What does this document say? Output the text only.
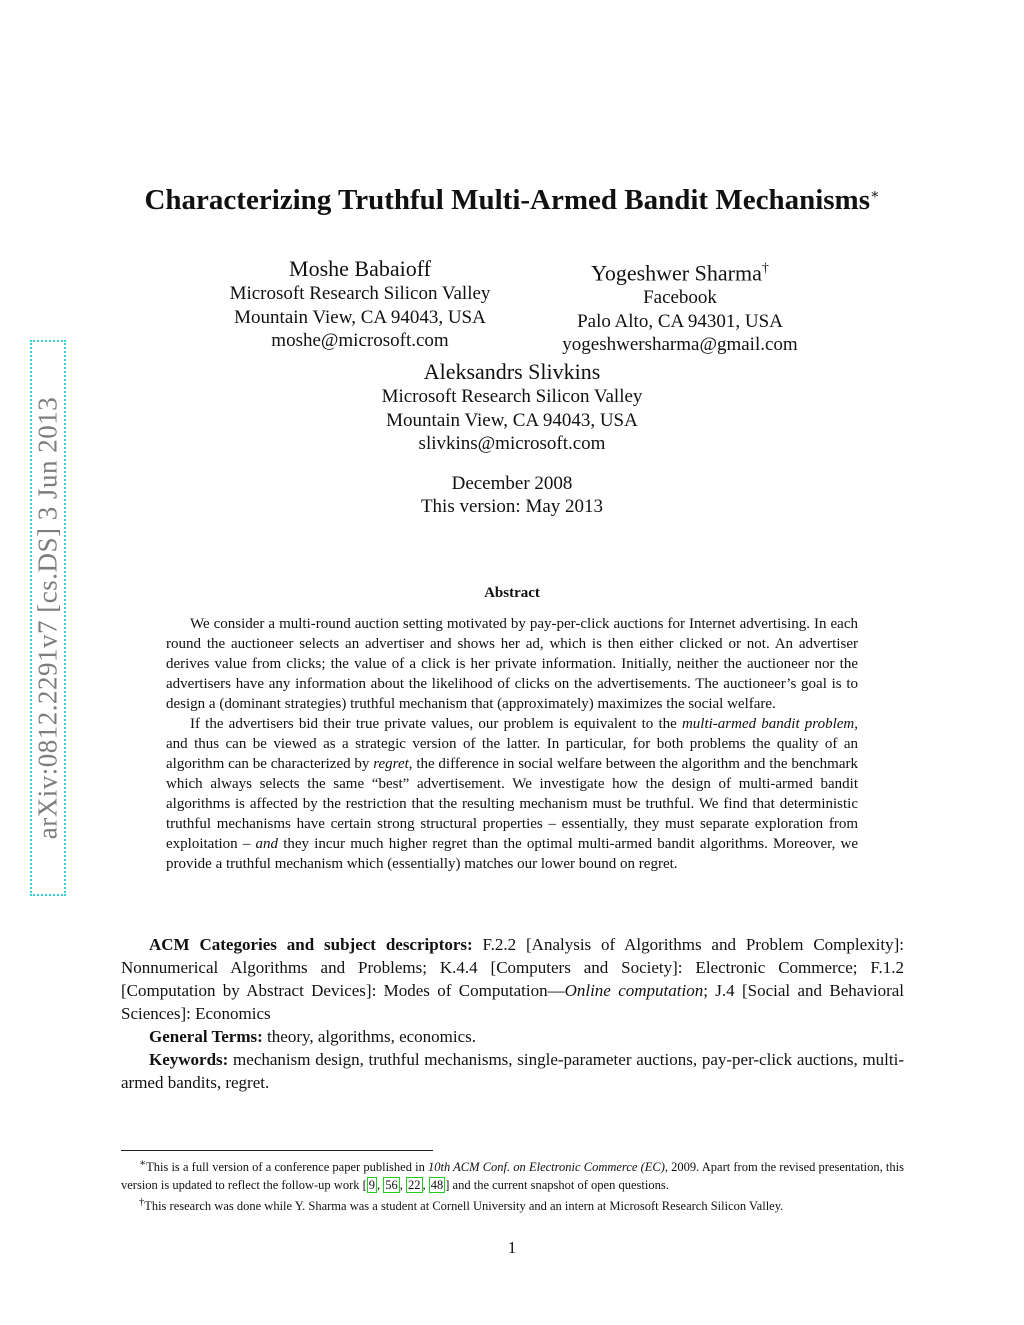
arXiv:0812.2291v7 [cs.DS] 3 Jun 2013
Characterizing Truthful Multi-Armed Bandit Mechanisms∗
Moshe Babaioff
Microsoft Research Silicon Valley
Mountain View, CA 94043, USA
moshe@microsoft.com
Yogeshwer Sharma†
Facebook
Palo Alto, CA 94301, USA
yogeshwersharma@gmail.com
Aleksandrs Slivkins
Microsoft Research Silicon Valley
Mountain View, CA 94043, USA
slivkins@microsoft.com
December 2008
This version: May 2013
Abstract

We consider a multi-round auction setting motivated by pay-per-click auctions for Internet advertising. In each round the auctioneer selects an advertiser and shows her ad, which is then either clicked or not. An advertiser derives value from clicks; the value of a click is her private information. Initially, neither the auctioneer nor the advertisers have any information about the likelihood of clicks on the advertisements. The auctioneer’s goal is to design a (dominant strategies) truthful mechanism that (approximately) maximizes the social welfare.

If the advertisers bid their true private values, our problem is equivalent to the multi-armed bandit problem, and thus can be viewed as a strategic version of the latter. In particular, for both problems the quality of an algorithm can be characterized by regret, the difference in social welfare between the algorithm and the benchmark which always selects the same “best” advertisement. We investigate how the design of multi-armed bandit algorithms is affected by the restriction that the resulting mechanism must be truthful. We find that deterministic truthful mechanisms have certain strong structural properties – essentially, they must separate exploration from exploitation – and they incur much higher regret than the optimal multi-armed bandit algorithms. Moreover, we provide a truthful mechanism which (essentially) matches our lower bound on regret.

ACM Categories and subject descriptors: F.2.2 [Analysis of Algorithms and Problem Complexity]: Nonnumerical Algorithms and Problems; K.4.4 [Computers and Society]: Electronic Commerce; F.1.2 [Computation by Abstract Devices]: Modes of Computation—Online computation; J.4 [Social and Behavioral Sciences]: Economics

General Terms: theory, algorithms, economics.

Keywords: mechanism design, truthful mechanisms, single-parameter auctions, pay-per-click auctions, multi-armed bandits, regret.

∗This is a full version of a conference paper published in 10th ACM Conf. on Electronic Commerce (EC), 2009. Apart from the revised presentation, this version is updated to reflect the follow-up work [ 9 , 56 , 22 , 48 ] and the current snapshot of open questions.

†This research was done while Y. Sharma was a student at Cornell University and an intern at Microsoft Research Silicon Valley.

1
